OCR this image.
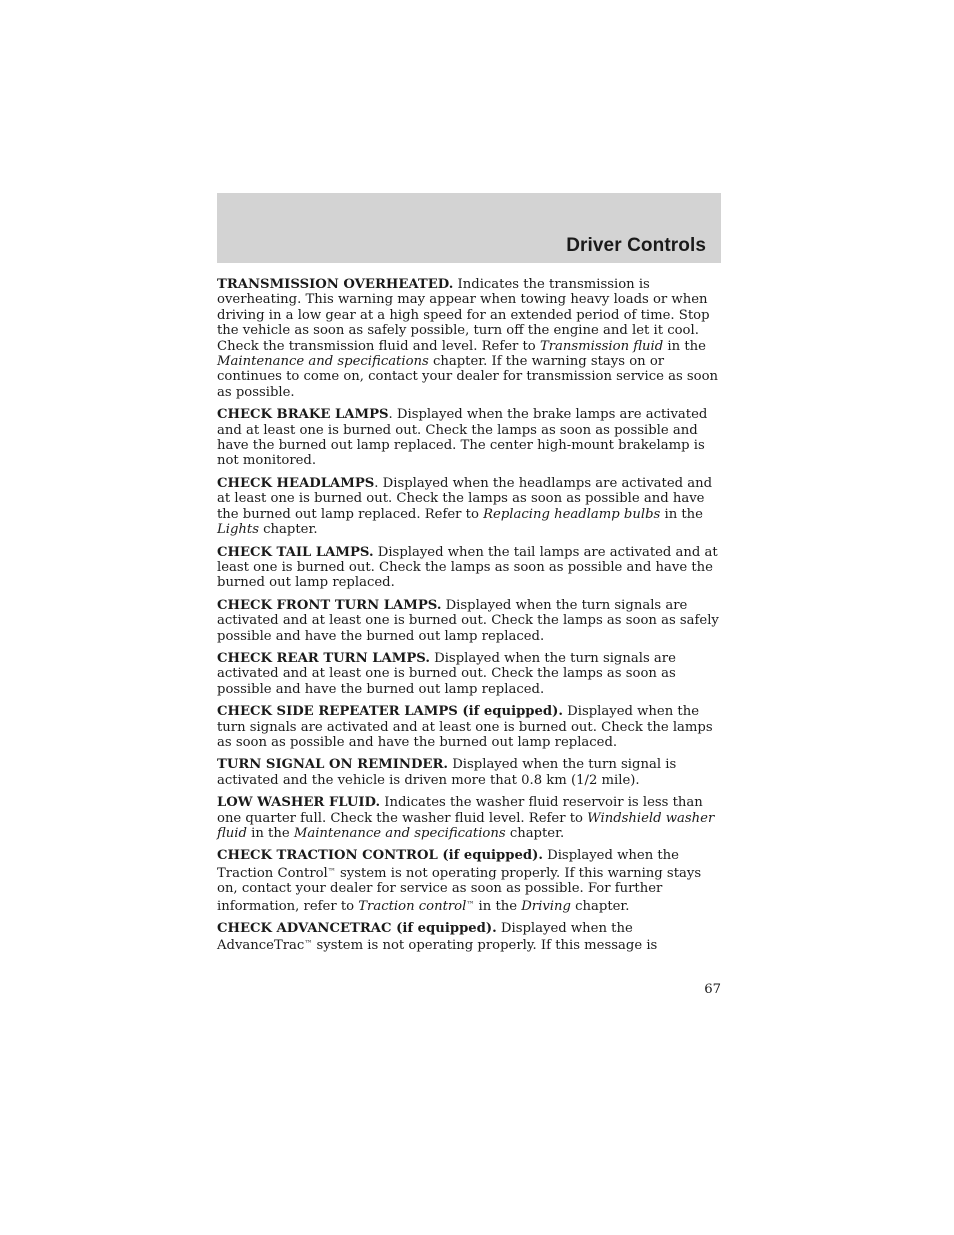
Driver Controls

TRANSMISSION OVERHEATED. Indicates the transmission is overheating. This warning may appear when towing heavy loads or when driving in a low gear at a high speed for an extended period of time. Stop the vehicle as soon as safely possible, turn off the engine and let it cool. Check the transmission fluid and level. Refer to Transmission fluid in the Maintenance and specifications chapter. If the warning stays on or continues to come on, contact your dealer for transmission service as soon as possible.

CHECK BRAKE LAMPS. Displayed when the brake lamps are activated and at least one is burned out. Check the lamps as soon as possible and have the burned out lamp replaced. The center high-mount brakelamp is not monitored.

CHECK HEADLAMPS. Displayed when the headlamps are activated and at least one is burned out. Check the lamps as soon as possible and have the burned out lamp replaced. Refer to Replacing headlamp bulbs in the Lights chapter.

CHECK TAIL LAMPS. Displayed when the tail lamps are activated and at least one is burned out. Check the lamps as soon as possible and have the burned out lamp replaced.

CHECK FRONT TURN LAMPS. Displayed when the turn signals are activated and at least one is burned out. Check the lamps as soon as safely possible and have the burned out lamp replaced.

CHECK REAR TURN LAMPS. Displayed when the turn signals are activated and at least one is burned out. Check the lamps as soon as possible and have the burned out lamp replaced.

CHECK SIDE REPEATER LAMPS (if equipped). Displayed when the turn signals are activated and at least one is burned out. Check the lamps as soon as possible and have the burned out lamp replaced.

TURN SIGNAL ON REMINDER. Displayed when the turn signal is activated and the vehicle is driven more that 0.8 km (1/2 mile).

LOW WASHER FLUID. Indicates the washer fluid reservoir is less than one quarter full. Check the washer fluid level. Refer to Windshield washer fluid in the Maintenance and specifications chapter.

CHECK TRACTION CONTROL (if equipped). Displayed when the Traction Control™ system is not operating properly. If this warning stays on, contact your dealer for service as soon as possible. For further information, refer to Traction control™ in the Driving chapter.

CHECK ADVANCETRAC (if equipped). Displayed when the AdvanceTrac™ system is not operating properly. If this message is

67
